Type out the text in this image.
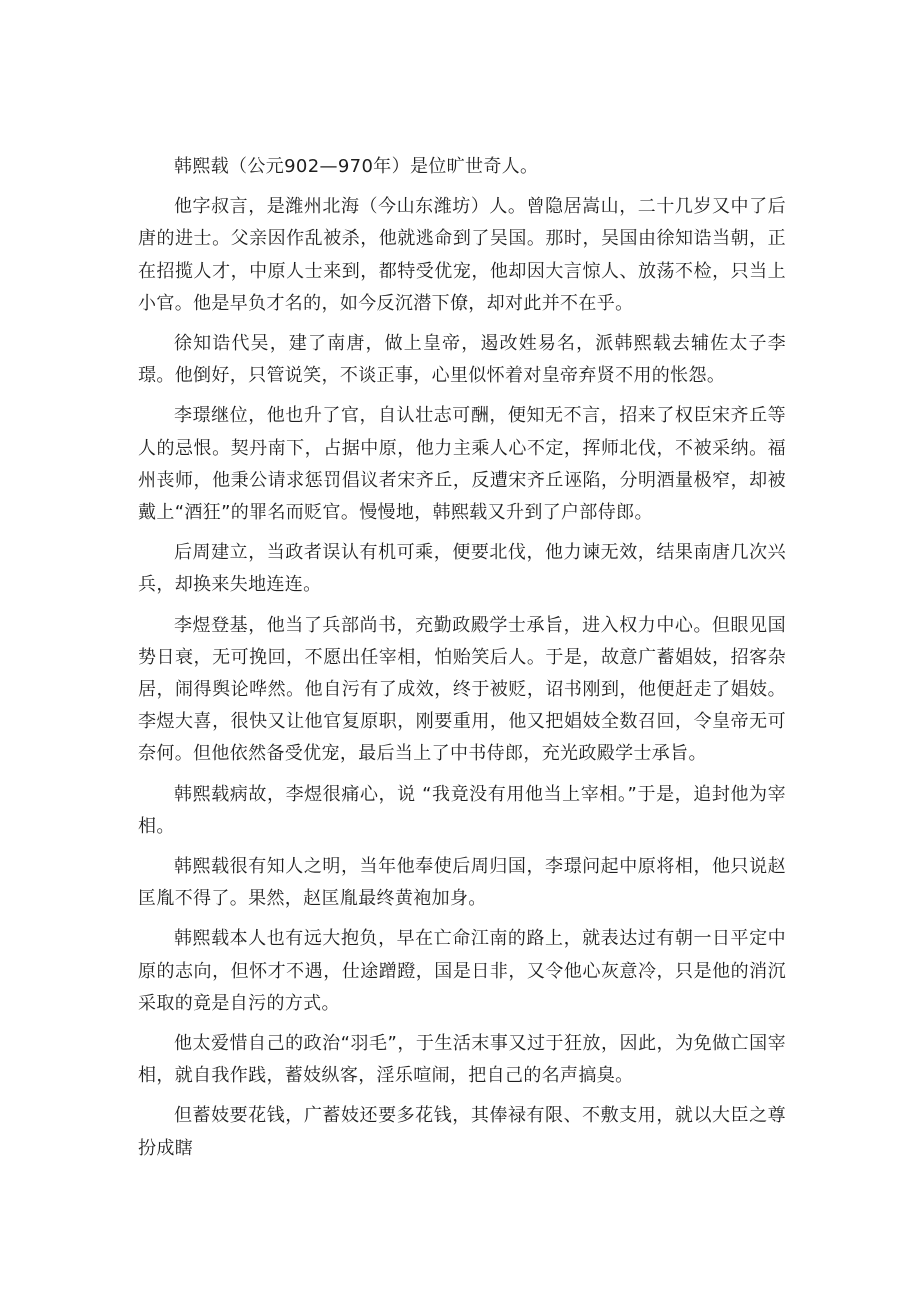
韩熙载（公元902—970年）是位旷世奇人。

他字叔言，是潍州北海（今山东潍坊）人。曾隐居嵩山，二十几岁又中了后唐的进士。父亲因作乱被杀，他就逃命到了吴国。那时，吴国由徐知诰当朝，正在招揽人才，中原人士来到，都特受优宠，他却因大言惊人、放荡不检，只当上小官。他是早负才名的，如今反沉潜下僚，却对此并不在乎。

徐知诰代吴，建了南唐，做上皇帝，遏改姓易名，派韩熙载去辅佐太子李璟。他倒好，只管说笑，不谈正事，心里似怀着对皇帝弃贤不用的怅怨。

李璟继位，他也升了官，自认壮志可酬，便知无不言，招来了权臣宋齐丘等人的忌恨。契丹南下，占据中原，他力主乘人心不定，挥师北伐，不被采纳。福州丧师，他秉公请求惩罚倡议者宋齐丘，反遭宋齐丘诬陷，分明酒量极窄，却被戴上“酒狂”的罪名而贬官。慢慢地，韩熙载又升到了户部侍郎。

后周建立，当政者误认有机可乘，便要北伐，他力谏无效，结果南唐几次兴兵，却换来失地连连。

李煜登基，他当了兵部尚书，充勤政殿学士承旨，进入权力中心。但眼见国势日衰，无可挽回，不愿出任宰相，怕贻笑后人。于是，故意广蓄娼妓，招客杂居，闹得舆论哗然。他自污有了成效，终于被贬，诏书刚到，他便赶走了娼妓。李煜大喜，很快又让他官复原职，刚要重用，他又把娼妓全数召回，令皇帝无可奈何。但他依然备受优宠，最后当上了中书侍郎，充光政殿学士承旨。

韩熙载病故，李煜很痛心，说 “我竟没有用他当上宰相。”于是，追封他为宰相。

韩熙载很有知人之明，当年他奉使后周归国，李璟问起中原将相，他只说赵匡胤不得了。果然，赵匡胤最终黄袍加身。

韩熙载本人也有远大抱负，早在亡命江南的路上，就表达过有朝一日平定中原的志向，但怀才不遇，仕途蹭蹬，国是日非，又令他心灰意冷，只是他的消沉采取的竟是自污的方式。

他太爱惜自己的政治“羽毛”，于生活末事又过于狂放，因此，为免做亡国宰相，就自我作践，蓄妓纵客，淫乐喧闹，把自己的名声搞臭。

但蓄妓要花钱，广蓄妓还要多花钱，其俸禄有限、不敷支用，就以大臣之尊扮成瞎
